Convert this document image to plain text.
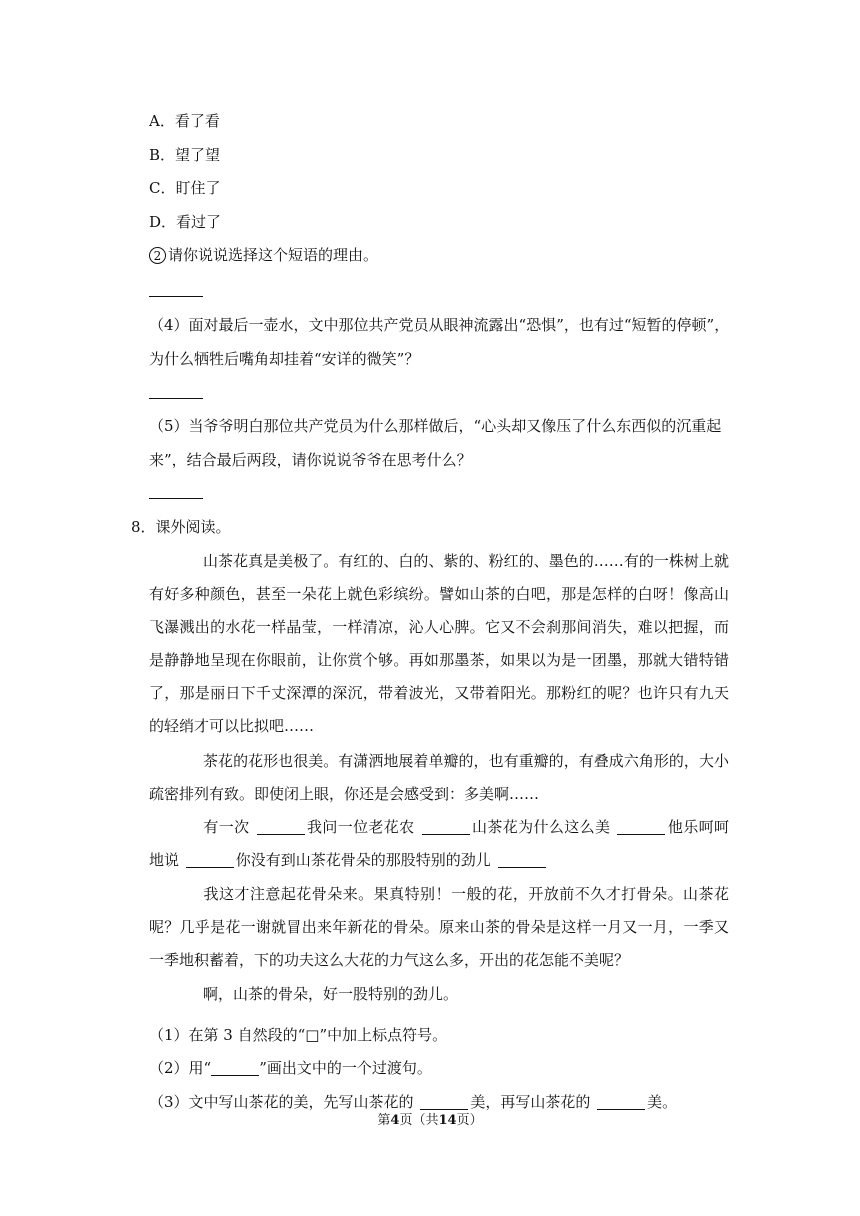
A．看了看
B．望了望
C．盯住了
D．看过了
2 请你说说选择这个短语的理由。
（4）面对最后一壶水，文中那位共产党员从眼神流露出“恐惧”，也有过“短暂的停顿”，
为什么牺牲后嘴角却挂着“安详的微笑”？
（5）当爷爷明白那位共产党员为什么那样做后，“心头却又像压了什么东西似的沉重起
来”，结合最后两段，请你说说爷爷在思考什么？
8．课外阅读。
山茶花真是美极了。有红的、白的、紫的、粉红的、墨色的……有的一株树上就有好多种颜色，甚至一朵花上就色彩缤纷。譬如山茶的白吧，那是怎样的白呀！像高山飞瀑溅出的水花一样晶莹，一样清凉，沁人心脾。它又不会刹那间消失，难以把握，而是静静地呈现在你眼前，让你赏个够。再如那墨茶，如果以为是一团墨，那就大错特错了，那是丽日下千丈深潭的深沉，带着波光，又带着阳光。那粉红的呢？也许只有九天的轻绡才可以比拟吧……
茶花的花形也很美。有潇洒地展着单瓣的，也有重瓣的，有叠成六角形的，大小疏密排列有致。即使闭上眼，你还是会感受到：多美啊……
有一次	我问一位老花农	山茶花为什么这么美	他乐呵呵地说	你没有到山茶花骨朵的那股特别的劲儿
我这才注意起花骨朵来。果真特别！一般的花，开放前不久才打骨朵。山茶花呢？几乎是花一谢就冒出来年新花的骨朵。原来山茶的骨朵是这样一月又一月，一季又一季地积蓄着，下的功夫这么大花的力气这么多，开出的花怎能不美呢？
啊，山茶的骨朵，好一股特别的劲儿。
（1）在第 3 自然段的“□”中加上标点符号。
（2）用“	”画出文中的一个过渡句。
（3）文中写山茶花的美，先写山茶花的	美，再写山茶花的	美。
第4页（共14页）
